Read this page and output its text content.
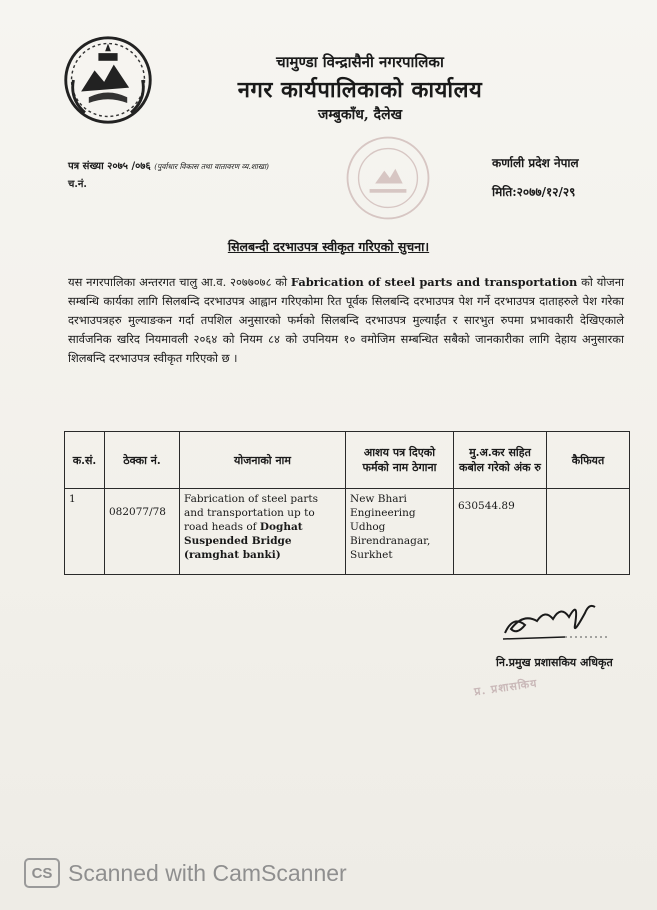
चामुण्डा विन्द्रासैनी नगरपालिका
नगर कार्यपालिकाको कार्यालय
जम्बुकाँध, दैलेख
पत्र संख्या २०७५ /०७६ (पुर्वाधार विकास तथा वातावरण व्य.शाखा)
च.नं.
कर्णाली प्रदेश नेपाल
मिति:२०७७/१२/२९
सिलबन्दी दरभाउपत्र स्वीकृत गरिएको सुचना।
यस नगरपालिका अन्तरगत चालु आ.व. २०७७०७८ को Fabrication of steel parts and transportation को योजना सम्बन्धि कार्यका लागि सिलबन्दि दरभाउपत्र आह्वान गरिएकोमा रित पूर्वक सिलबन्दि दरभाउपत्र पेश गर्ने दरभाउपत्र दाताहरुले पेश गरेका दरभाउपत्रहरु मुल्याङकन गर्दा तपशिल अनुसारको फर्मको सिलबन्दि दरभाउपत्र मुल्याईंत र सारभुत रुपमा प्रभावकारी देखिएकाले सार्वजनिक खरिद नियमावली २०६४ को नियम ८४ को उपनियम १० वमोजिम सम्बन्धित सबैको जानकारीका लागि देहाय अनुसारका शिलबन्दि दरभाउपत्र स्वीकृत गरिएको छ ।
क.सं.	ठेक्का नं.	योजनाको नाम	आशय पत्र दिएको फर्मको नाम ठेगाना	मु.अ.कर सहित कबोल गरेको अंक रु	कैफियत
1	082077/78	Fabrication of steel parts and transportation up to road heads of Doghat Suspended Bridge (ramghat banki)	New Bhari Engineering Udhog Birendranagar, Surkhet	630544.89	
नि.प्रमुख प्रशासकिय अधिकृत
प्र. प्रशासकिय
CS Scanned with CamScanner
